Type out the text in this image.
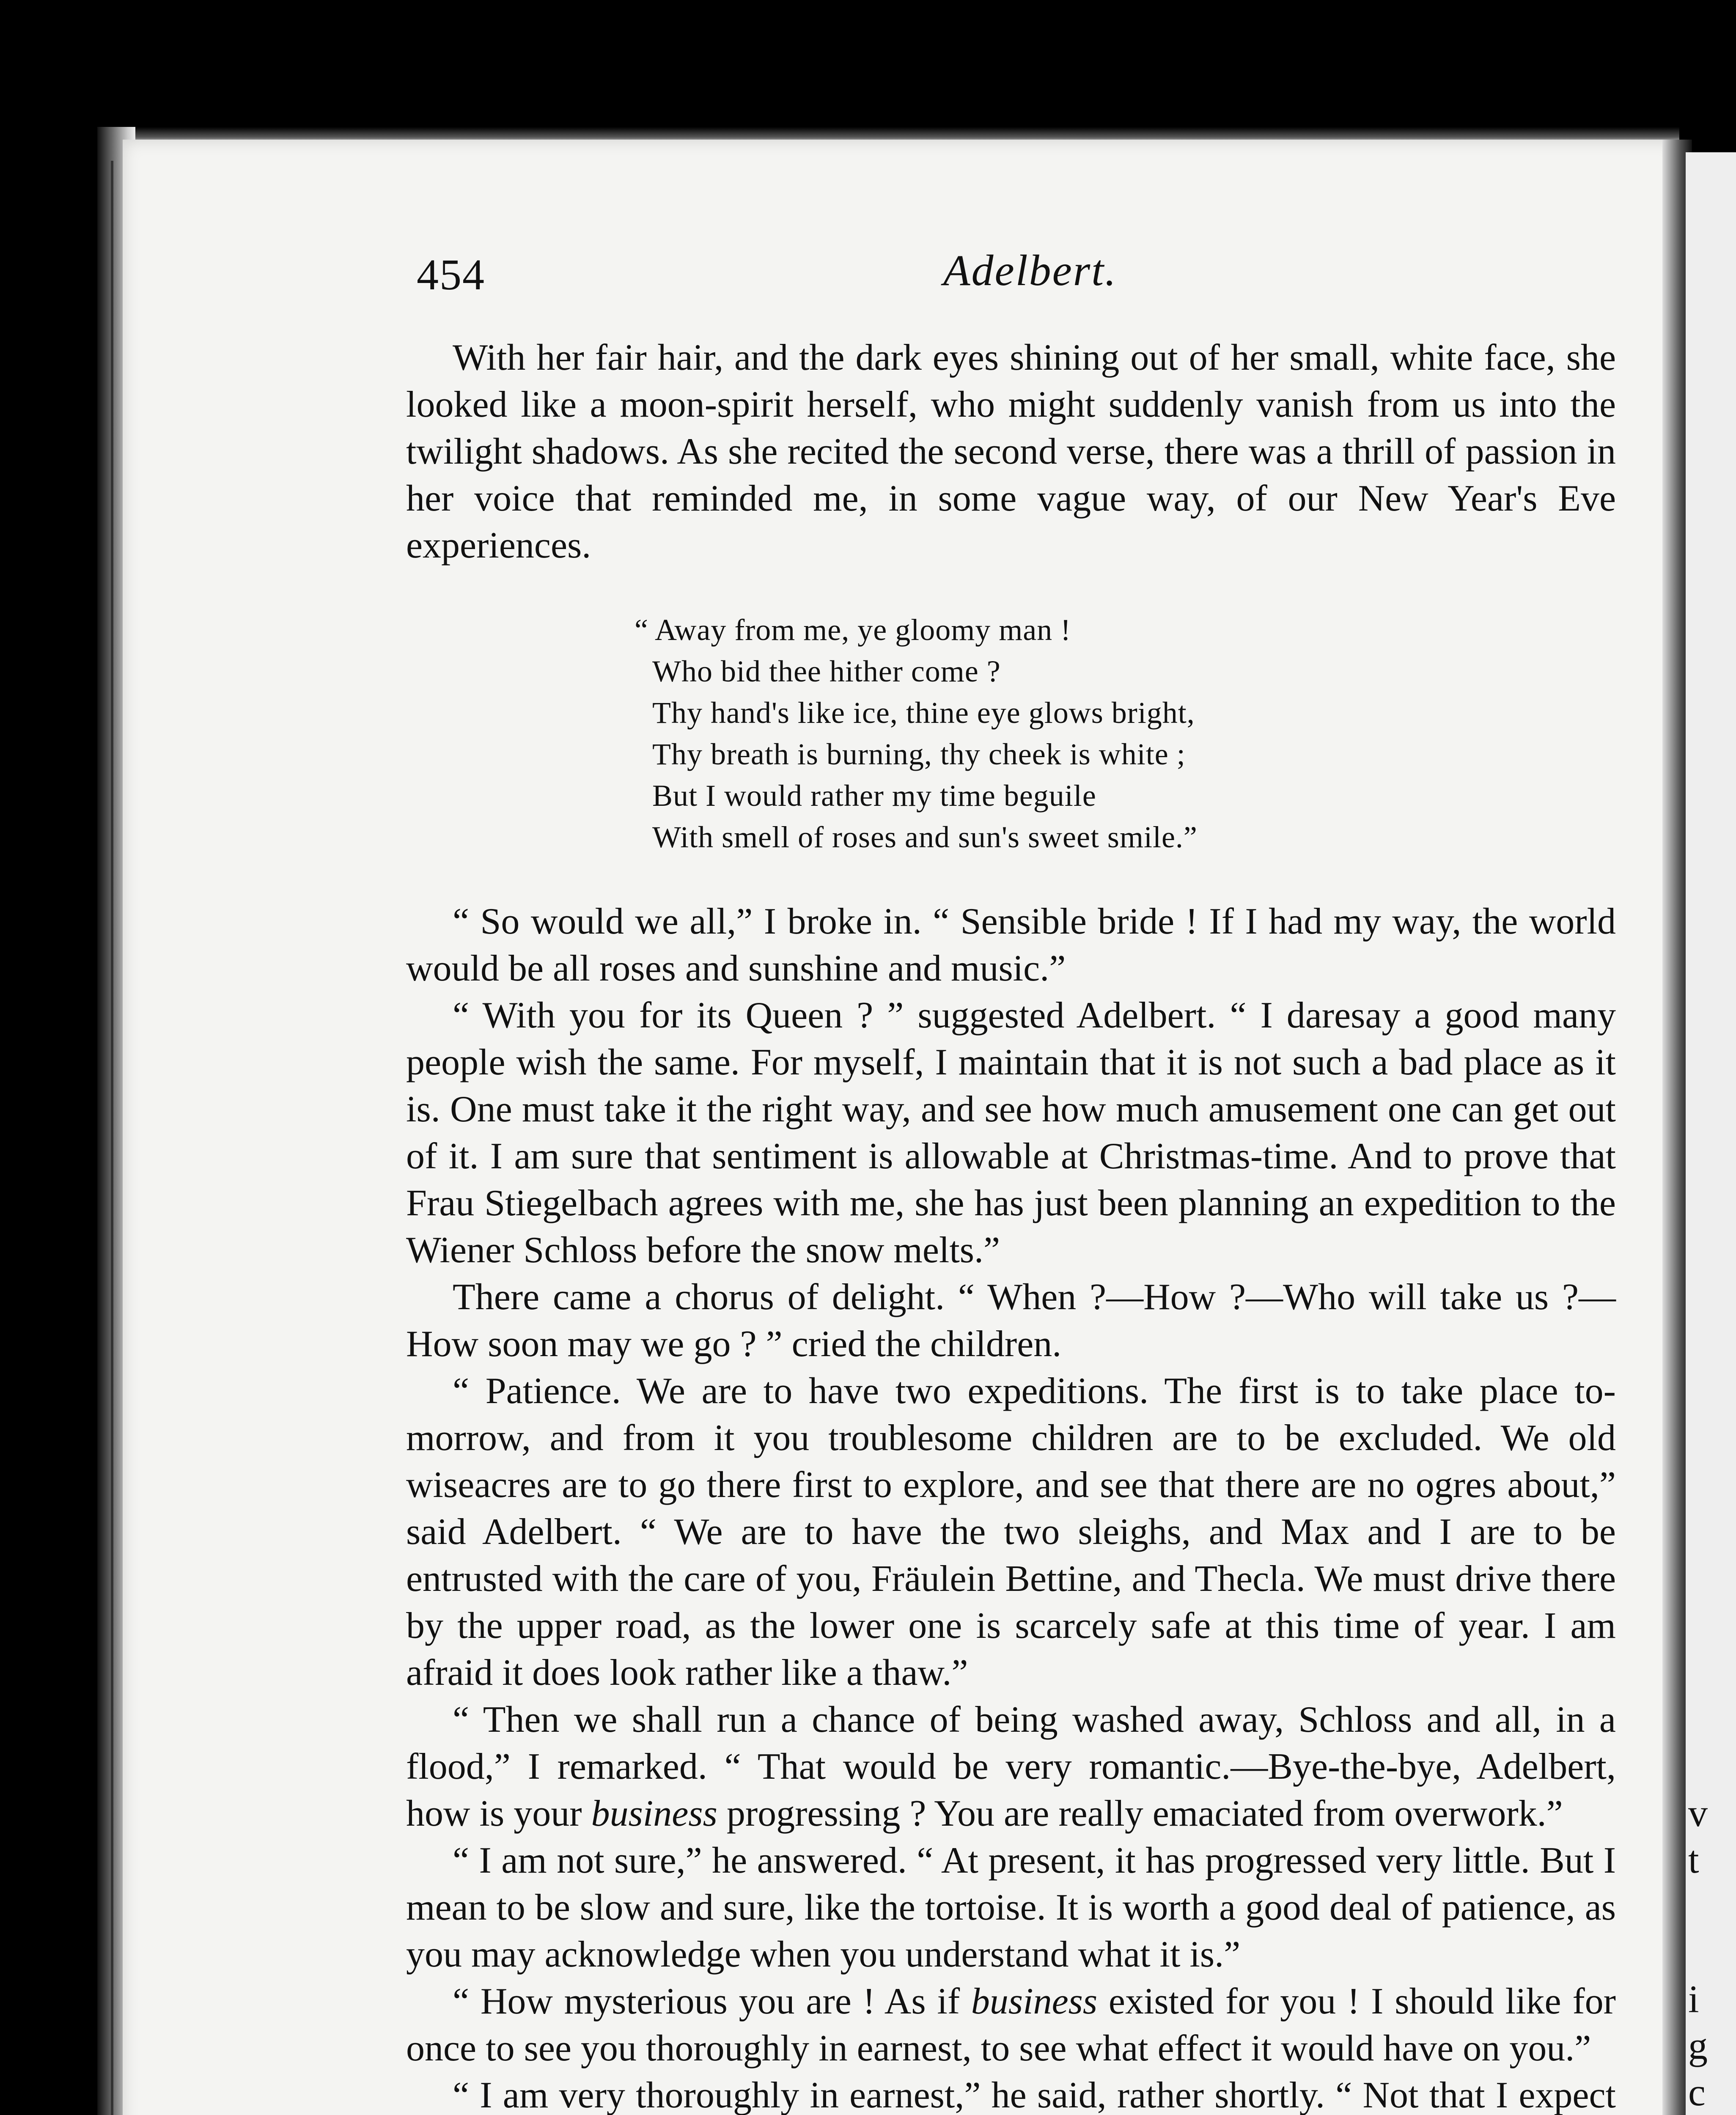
v
t
i
g
c
454	Adelbert.

With her fair hair, and the dark eyes shining out of her small, white face, she looked like a moon-spirit herself, who might suddenly vanish from us into the twilight shadows. As she recited the second verse, there was a thrill of passion in her voice that reminded me, in some vague way, of our New Year's Eve experiences.

“ Away from me, ye gloomy man !
Who bid thee hither come ?
Thy hand's like ice, thine eye glows bright,
Thy breath is burning, thy cheek is white ;
But I would rather my time beguile
With smell of roses and sun's sweet smile.”

“ So would we all,” I broke in. “ Sensible bride ! If I had my way, the world would be all roses and sunshine and music.”

“ With you for its Queen ? ” suggested Adelbert. “ I daresay a good many people wish the same. For myself, I maintain that it is not such a bad place as it is. One must take it the right way, and see how much amusement one can get out of it. I am sure that sentiment is allowable at Christmas-time. And to prove that Frau Stiegelbach agrees with me, she has just been planning an expedition to the Wiener Schloss before the snow melts.”

There came a chorus of delight. “ When ?—How ?—Who will take us ?—How soon may we go ? ” cried the children.

“ Patience. We are to have two expeditions. The first is to take place to-morrow, and from it you troublesome children are to be excluded. We old wiseacres are to go there first to explore, and see that there are no ogres about,” said Adelbert. “ We are to have the two sleighs, and Max and I are to be entrusted with the care of you, Fräulein Bettine, and Thecla. We must drive there by the upper road, as the lower one is scarcely safe at this time of year. I am afraid it does look rather like a thaw.”

“ Then we shall run a chance of being washed away, Schloss and all, in a flood,” I remarked. “ That would be very romantic.—Bye-the-bye, Adelbert, how is your business progressing ? You are really emaciated from overwork.”

“ I am not sure,” he answered. “ At present, it has progressed very little. But I mean to be slow and sure, like the tortoise. It is worth a good deal of patience, as you may acknowledge when you understand what it is.”

“ How mysterious you are ! As if business existed for you ! I should like for once to see you thoroughly in earnest, to see what effect it would have on you.”

“ I am very thoroughly in earnest,” he said, rather shortly. “ Not that I expect
